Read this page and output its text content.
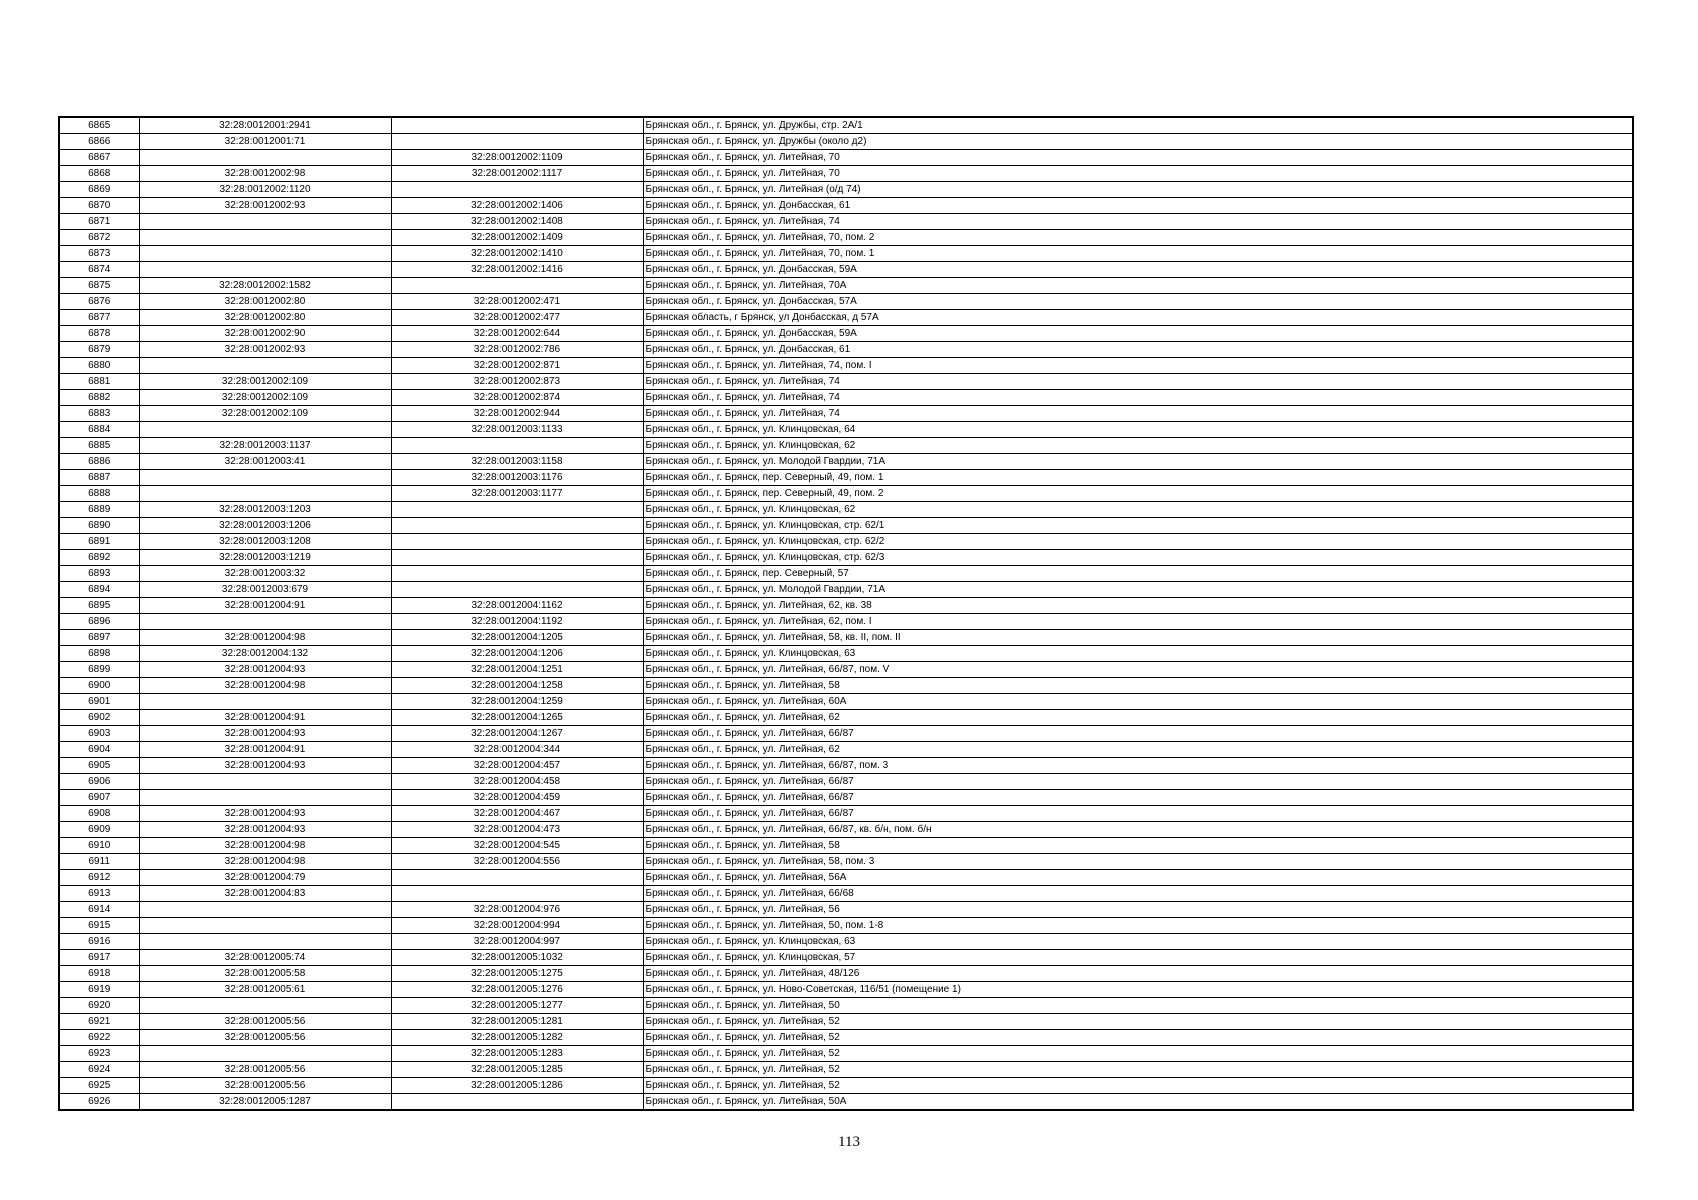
6865	32:28:0012001:2941		Брянская обл., г. Брянск, ул. Дружбы, стр. 2А/1
6866	32:28:0012001:71		Брянская обл., г. Брянск, ул. Дружбы (около д2)
6867		32:28:0012002:1109	Брянская обл., г. Брянск, ул. Литейная, 70
6868	32:28:0012002:98	32:28:0012002:1117	Брянская обл., г. Брянск, ул. Литейная, 70
6869	32:28:0012002:1120		Брянская обл., г. Брянск, ул. Литейная (о/д 74)
6870	32:28:0012002:93	32:28:0012002:1406	Брянская обл., г. Брянск, ул. Донбасская, 61
6871		32:28:0012002:1408	Брянская обл., г. Брянск, ул. Литейная, 74
6872		32:28:0012002:1409	Брянская обл., г. Брянск, ул. Литейная, 70, пом. 2
6873		32:28:0012002:1410	Брянская обл., г. Брянск, ул. Литейная, 70, пом. 1
6874		32:28:0012002:1416	Брянская обл., г. Брянск, ул. Донбасская, 59А
6875	32:28:0012002:1582		Брянская обл., г. Брянск, ул. Литейная, 70А
6876	32:28:0012002:80	32:28:0012002:471	Брянская обл., г. Брянск, ул. Донбасская, 57А
6877	32:28:0012002:80	32:28:0012002:477	Брянская область, г Брянск, ул Донбасская, д 57А
6878	32:28:0012002:90	32:28:0012002:644	Брянская обл., г. Брянск, ул. Донбасская, 59А
6879	32:28:0012002:93	32:28:0012002:786	Брянская обл., г. Брянск, ул. Донбасская, 61
6880		32:28:0012002:871	Брянская обл., г. Брянск, ул. Литейная, 74, пом. I
6881	32:28:0012002:109	32:28:0012002:873	Брянская обл., г. Брянск, ул. Литейная, 74
6882	32:28:0012002:109	32:28:0012002:874	Брянская обл., г. Брянск, ул. Литейная, 74
6883	32:28:0012002:109	32:28:0012002:944	Брянская обл., г. Брянск, ул. Литейная, 74
6884		32:28:0012003:1133	Брянская обл., г. Брянск, ул. Клинцовская, 64
6885	32:28:0012003:1137		Брянская обл., г. Брянск, ул. Клинцовская, 62
6886	32:28:0012003:41	32:28:0012003:1158	Брянская обл., г. Брянск, ул. Молодой Гвардии, 71А
6887		32:28:0012003:1176	Брянская обл., г. Брянск, пер. Северный, 49, пом. 1
6888		32:28:0012003:1177	Брянская обл., г. Брянск, пер. Северный, 49, пом. 2
6889	32:28:0012003:1203		Брянская обл., г. Брянск, ул. Клинцовская, 62
6890	32:28:0012003:1206		Брянская обл., г. Брянск, ул. Клинцовская, стр. 62/1
6891	32:28:0012003:1208		Брянская обл., г. Брянск, ул. Клинцовская, стр. 62/2
6892	32:28:0012003:1219		Брянская обл., г. Брянск, ул. Клинцовская, стр. 62/3
6893	32:28:0012003:32		Брянская обл., г. Брянск, пер. Северный, 57
6894	32:28:0012003:679		Брянская обл., г. Брянск, ул. Молодой Гвардии, 71А
6895	32:28:0012004:91	32:28:0012004:1162	Брянская обл., г. Брянск, ул. Литейная, 62, кв. 38
6896		32:28:0012004:1192	Брянская обл., г. Брянск, ул. Литейная, 62, пом. I
6897	32:28:0012004:98	32:28:0012004:1205	Брянская обл., г. Брянск, ул. Литейная, 58, кв. II, пом. II
6898	32:28:0012004:132	32:28:0012004:1206	Брянская обл., г. Брянск, ул. Клинцовская, 63
6899	32:28:0012004:93	32:28:0012004:1251	Брянская обл., г. Брянск, ул. Литейная, 66/87, пом. V
6900	32:28:0012004:98	32:28:0012004:1258	Брянская обл., г. Брянск, ул. Литейная, 58
6901		32:28:0012004:1259	Брянская обл., г. Брянск, ул. Литейная, 60А
6902	32:28:0012004:91	32:28:0012004:1265	Брянская обл., г. Брянск, ул. Литейная, 62
6903	32:28:0012004:93	32:28:0012004:1267	Брянская обл., г. Брянск, ул. Литейная, 66/87
6904	32:28:0012004:91	32:28:0012004:344	Брянская обл., г. Брянск, ул. Литейная, 62
6905	32:28:0012004:93	32:28:0012004:457	Брянская обл., г. Брянск, ул. Литейная, 66/87, пом. 3
6906		32:28:0012004:458	Брянская обл., г. Брянск, ул. Литейная, 66/87
6907		32:28:0012004:459	Брянская обл., г. Брянск, ул. Литейная, 66/87
6908	32:28:0012004:93	32:28:0012004:467	Брянская обл., г. Брянск, ул. Литейная, 66/87
6909	32:28:0012004:93	32:28:0012004:473	Брянская обл., г. Брянск, ул. Литейная, 66/87, кв. б/н, пом. б/н
6910	32:28:0012004:98	32:28:0012004:545	Брянская обл., г. Брянск, ул. Литейная, 58
6911	32:28:0012004:98	32:28:0012004:556	Брянская обл., г. Брянск, ул. Литейная, 58, пом. 3
6912	32:28:0012004:79		Брянская обл., г. Брянск, ул. Литейная, 56А
6913	32:28:0012004:83		Брянская обл., г. Брянск, ул. Литейная, 66/68
6914		32:28:0012004:976	Брянская обл., г. Брянск, ул. Литейная, 56
6915		32:28:0012004:994	Брянская обл., г. Брянск, ул. Литейная, 50, пом. 1-8
6916		32:28:0012004:997	Брянская обл., г. Брянск, ул. Клинцовская, 63
6917	32:28:0012005:74	32:28:0012005:1032	Брянская обл., г. Брянск, ул. Клинцовская, 57
6918	32:28:0012005:58	32:28:0012005:1275	Брянская обл., г. Брянск, ул. Литейная, 48/126
6919	32:28:0012005:61	32:28:0012005:1276	Брянская обл., г. Брянск, ул. Ново-Советская, 116/51 (помещение 1)
6920		32:28:0012005:1277	Брянская обл., г. Брянск, ул. Литейная, 50
6921	32:28:0012005:56	32:28:0012005:1281	Брянская обл., г. Брянск, ул. Литейная, 52
6922	32:28:0012005:56	32:28:0012005:1282	Брянская обл., г. Брянск, ул. Литейная, 52
6923		32:28:0012005:1283	Брянская обл., г. Брянск, ул. Литейная, 52
6924	32:28:0012005:56	32:28:0012005:1285	Брянская обл., г. Брянск, ул. Литейная, 52
6925	32:28:0012005:56	32:28:0012005:1286	Брянская обл., г. Брянск, ул. Литейная, 52
6926	32:28:0012005:1287		Брянская обл., г. Брянск, ул. Литейная, 50А
113
